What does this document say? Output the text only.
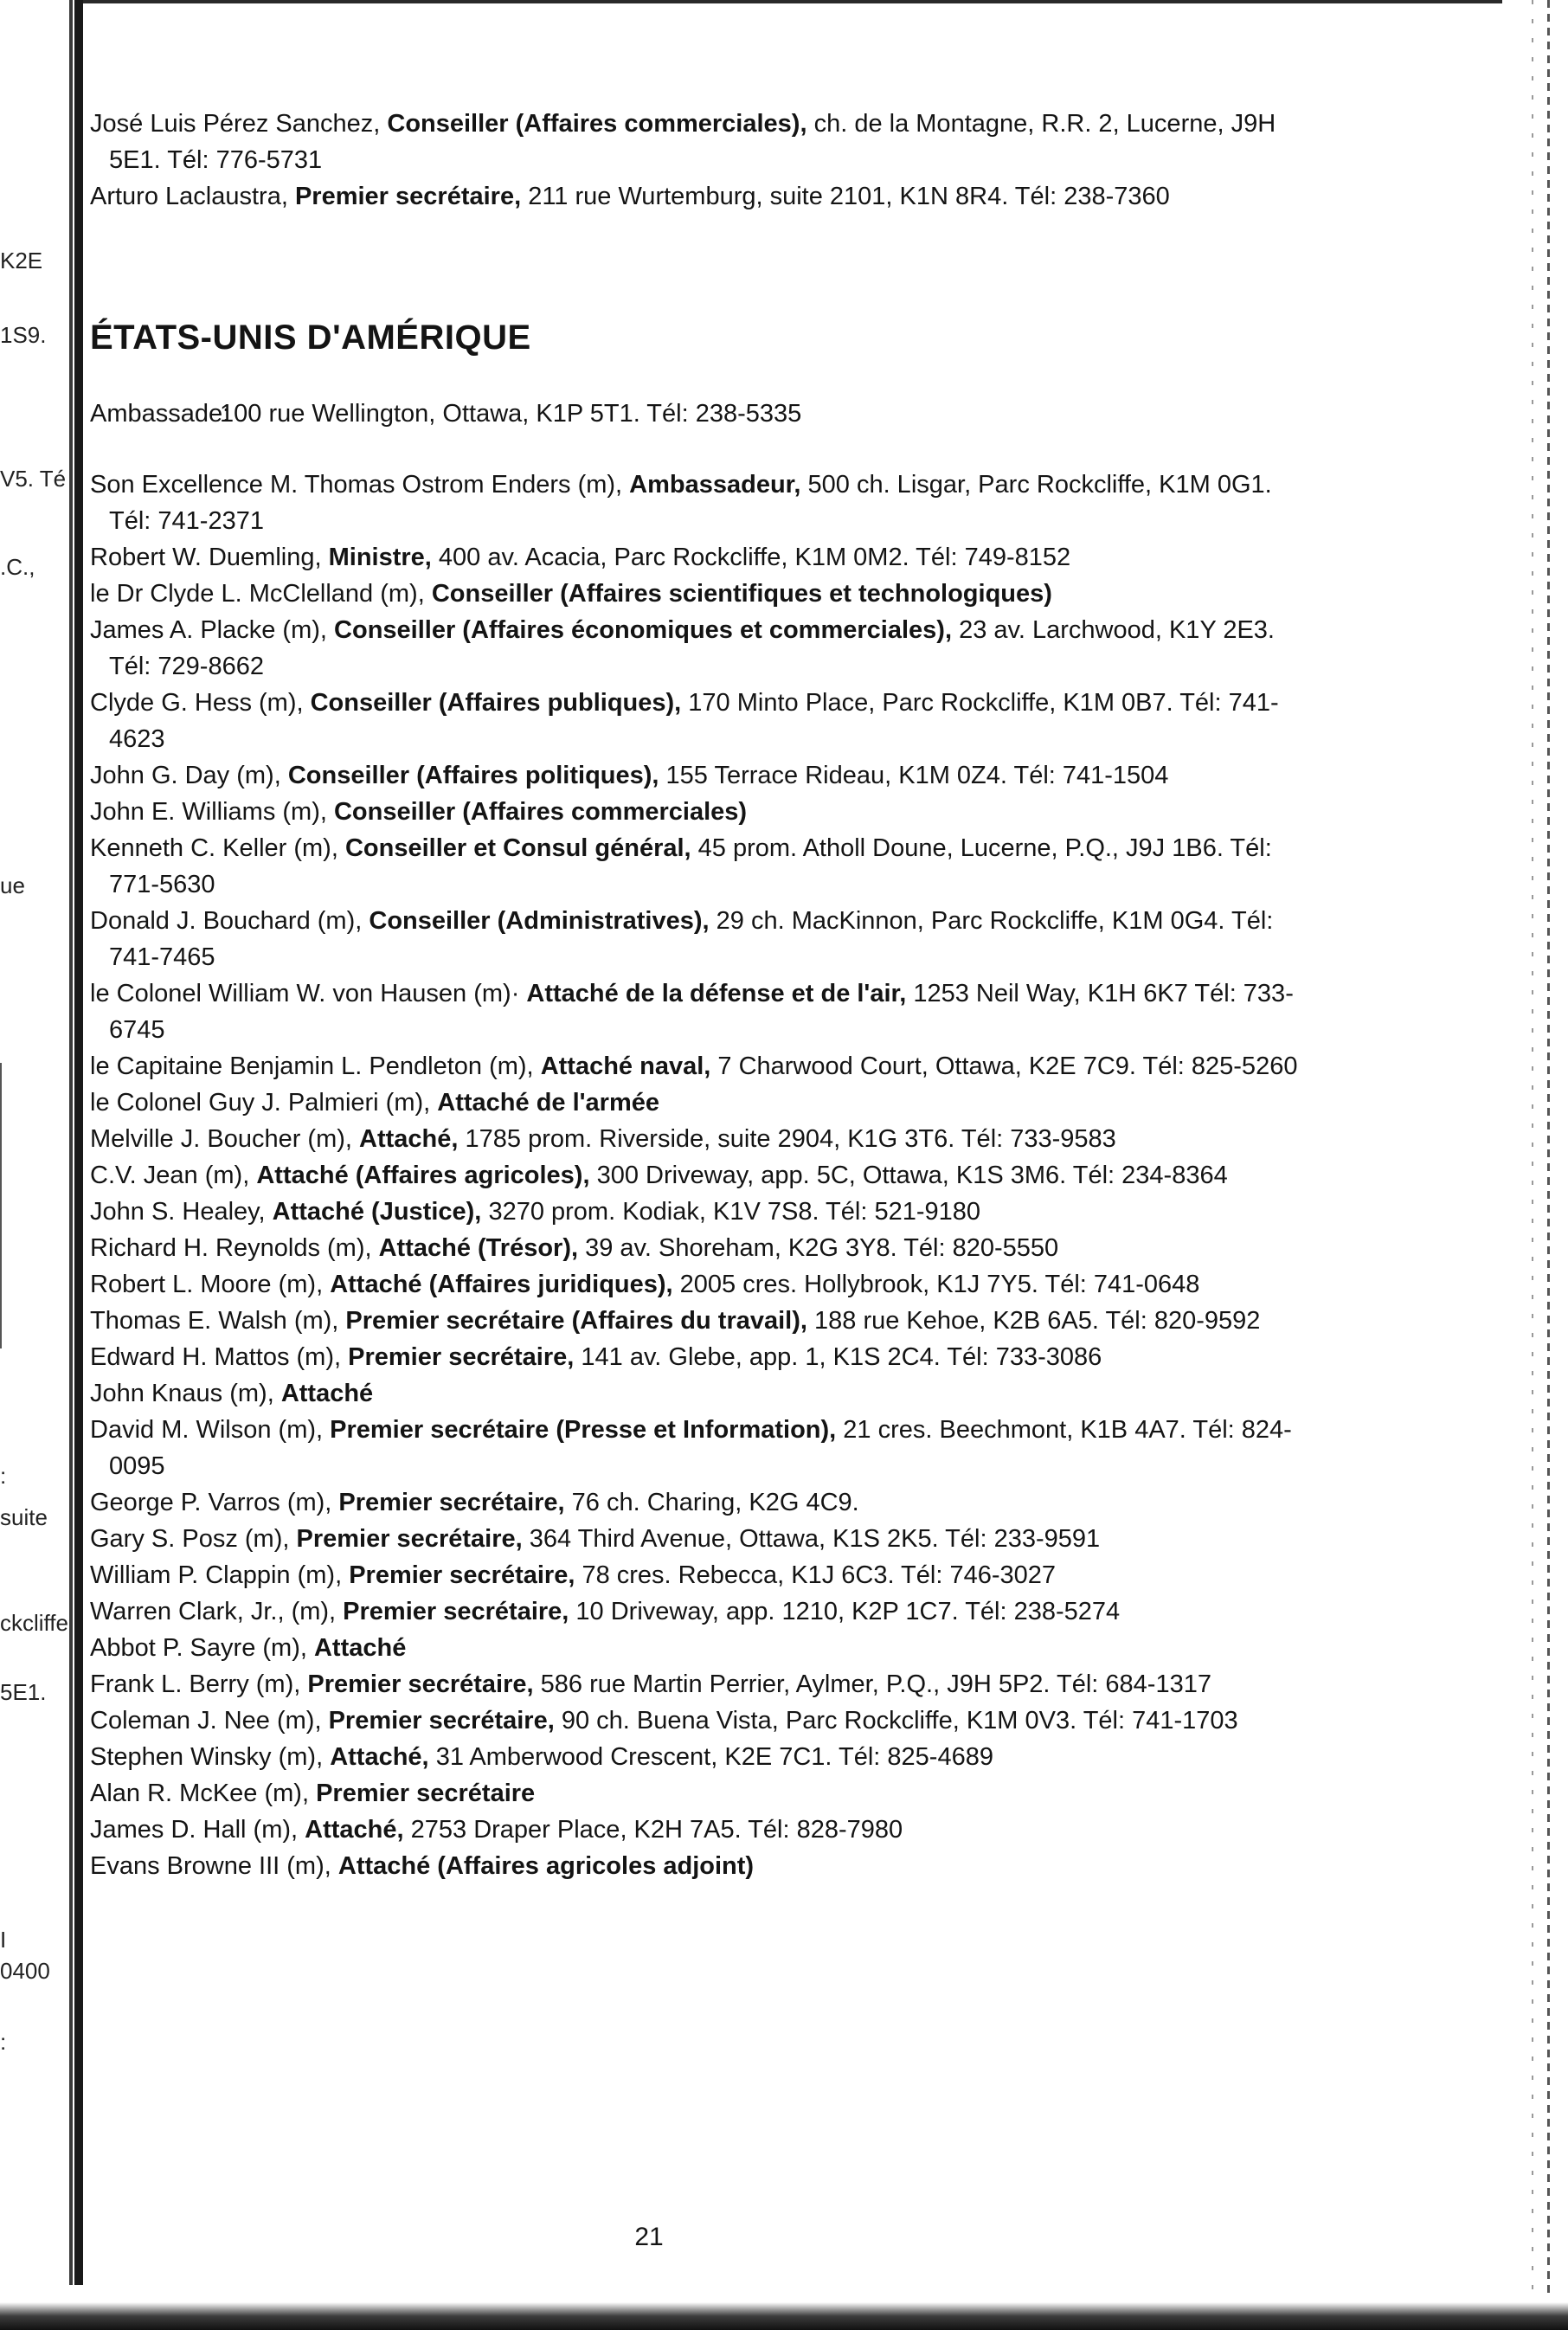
K2E
1S9.
V5. Té
.C.,
ue
:
suite
ckcliffe
5E1.
I
0400
:
José Luis Pérez Sanchez, Conseiller (Affaires commerciales), ch. de la Montagne, R.R. 2, Lucerne, J9H 5E1. Tél: 776-5731
Arturo Laclaustra, Premier secrétaire, 211 rue Wurtemburg, suite 2101, K1N 8R4. Tél: 238-7360
ÉTATS-UNIS D'AMÉRIQUE
Ambassade:100 rue Wellington, Ottawa, K1P 5T1. Tél: 238-5335
Son Excellence M. Thomas Ostrom Enders (m), Ambassadeur, 500 ch. Lisgar, Parc Rockcliffe, K1M 0G1. Tél: 741-2371
Robert W. Duemling, Ministre, 400 av. Acacia, Parc Rockcliffe, K1M 0M2. Tél: 749-8152
le Dr Clyde L. McClelland (m), Conseiller (Affaires scientifiques et technologiques)
James A. Placke (m), Conseiller (Affaires économiques et commerciales), 23 av. Larchwood, K1Y 2E3. Tél: 729-8662
Clyde G. Hess (m), Conseiller (Affaires publiques), 170 Minto Place, Parc Rockcliffe, K1M 0B7. Tél: 741-4623
John G. Day (m), Conseiller (Affaires politiques), 155 Terrace Rideau, K1M 0Z4. Tél: 741-1504
John E. Williams (m), Conseiller (Affaires commerciales)
Kenneth C. Keller (m), Conseiller et Consul général, 45 prom. Atholl Doune, Lucerne, P.Q., J9J 1B6. Tél: 771-5630
Donald J. Bouchard (m), Conseiller (Administratives), 29 ch. MacKinnon, Parc Rockcliffe, K1M 0G4. Tél: 741-7465
le Colonel William W. von Hausen (m)· Attaché de la défense et de l'air, 1253 Neil Way, K1H 6K7 Tél: 733-6745
le Capitaine Benjamin L. Pendleton (m), Attaché naval, 7 Charwood Court, Ottawa, K2E 7C9. Tél: 825-5260
le Colonel Guy J. Palmieri (m), Attaché de l'armée
Melville J. Boucher (m), Attaché, 1785 prom. Riverside, suite 2904, K1G 3T6. Tél: 733-9583
C.V. Jean (m), Attaché (Affaires agricoles), 300 Driveway, app. 5C, Ottawa, K1S 3M6. Tél: 234-8364
John S. Healey, Attaché (Justice), 3270 prom. Kodiak, K1V 7S8. Tél: 521-9180
Richard H. Reynolds (m), Attaché (Trésor), 39 av. Shoreham, K2G 3Y8. Tél: 820-5550
Robert L. Moore (m), Attaché (Affaires juridiques), 2005 cres. Hollybrook, K1J 7Y5. Tél: 741-0648
Thomas E. Walsh (m), Premier secrétaire (Affaires du travail), 188 rue Kehoe, K2B 6A5. Tél: 820-9592
Edward H. Mattos (m), Premier secrétaire, 141 av. Glebe, app. 1, K1S 2C4. Tél: 733-3086
John Knaus (m), Attaché
David M. Wilson (m), Premier secrétaire (Presse et Information), 21 cres. Beechmont, K1B 4A7. Tél: 824-0095
George P. Varros (m), Premier secrétaire, 76 ch. Charing, K2G 4C9.
Gary S. Posz (m), Premier secrétaire, 364 Third Avenue, Ottawa, K1S 2K5. Tél: 233-9591
William P. Clappin (m), Premier secrétaire, 78 cres. Rebecca, K1J 6C3. Tél: 746-3027
Warren Clark, Jr., (m), Premier secrétaire, 10 Driveway, app. 1210, K2P 1C7. Tél: 238-5274
Abbot P. Sayre (m), Attaché
Frank L. Berry (m), Premier secrétaire, 586 rue Martin Perrier, Aylmer, P.Q., J9H 5P2. Tél: 684-1317
Coleman J. Nee (m), Premier secrétaire, 90 ch. Buena Vista, Parc Rockcliffe, K1M 0V3. Tél: 741-1703
Stephen Winsky (m), Attaché, 31 Amberwood Crescent, K2E 7C1. Tél: 825-4689
Alan R. McKee (m), Premier secrétaire
James D. Hall (m), Attaché, 2753 Draper Place, K2H 7A5. Tél: 828-7980
Evans Browne III (m), Attaché (Affaires agricoles adjoint)
21
